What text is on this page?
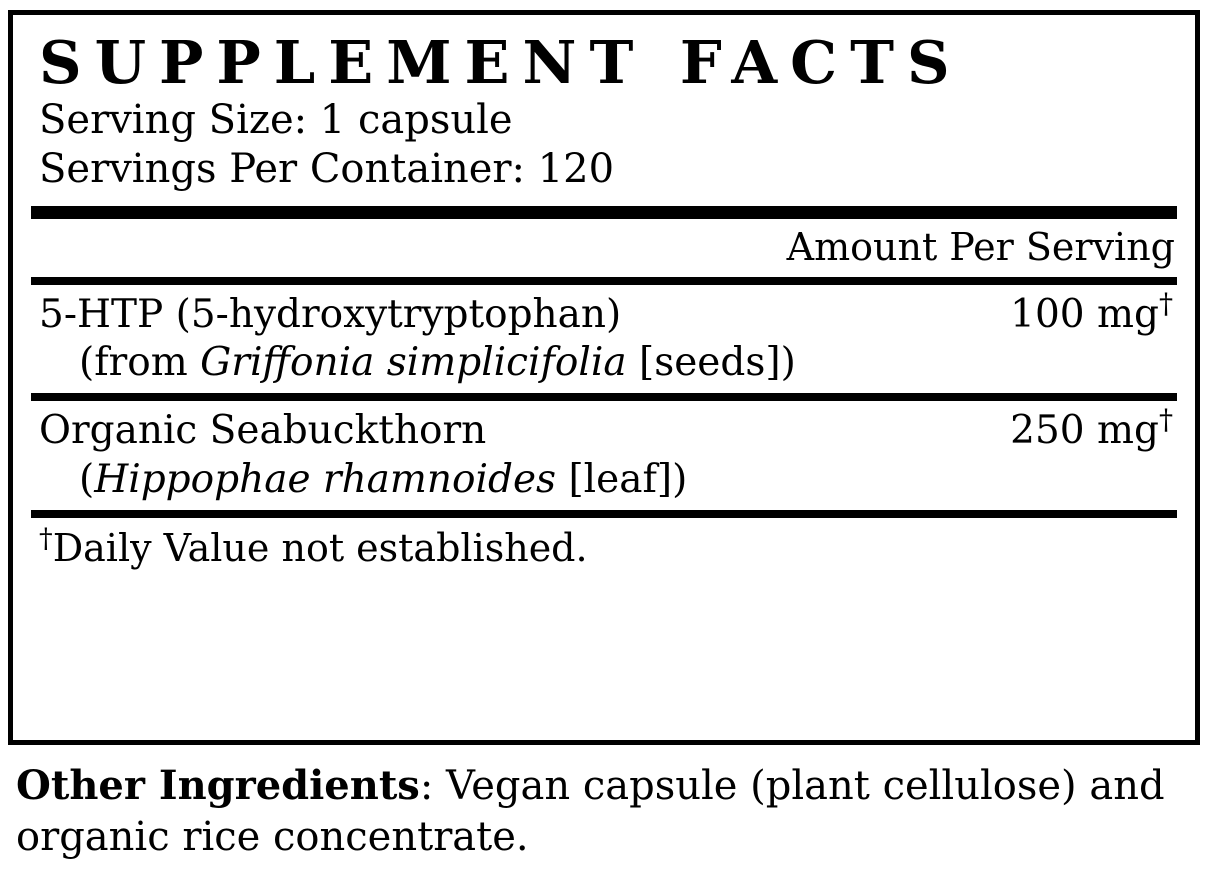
SUPPLEMENT FACTS
Serving Size: 1 capsule
Servings Per Container: 120
Amount Per Serving
5-HTP (5-hydroxytryptophan)	100 mg†
(from Griffonia simplicifolia [seeds])
Organic Seabuckthorn	250 mg†
(Hippophae rhamnoides [leaf])
†Daily Value not established.
Other Ingredients: Vegan capsule (plant cellulose) and organic rice concentrate.
